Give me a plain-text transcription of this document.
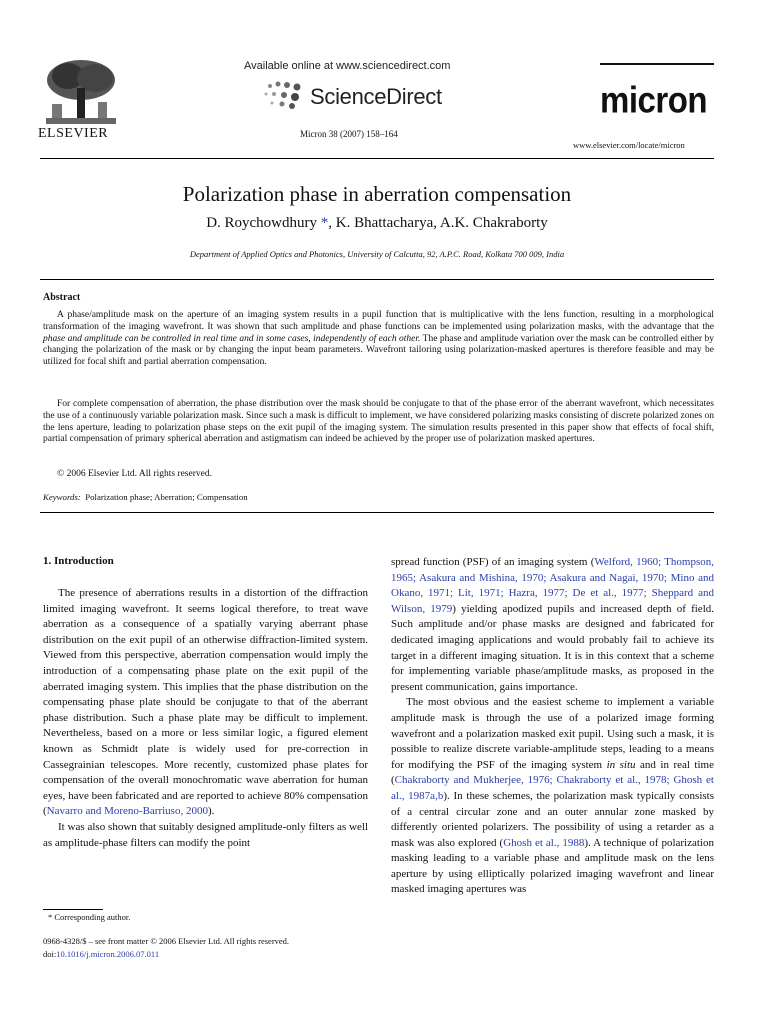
ELSEVIER
Available online at www.sciencedirect.com
ScienceDirect
Micron 38 (2007) 158–164
micron
www.elsevier.com/locate/micron
Polarization phase in aberration compensation
D. Roychowdhury *, K. Bhattacharya, A.K. Chakraborty
Department of Applied Optics and Photonics, University of Calcutta, 92, A.P.C. Road, Kolkata 700 009, India
Abstract

A phase/amplitude mask on the aperture of an imaging system results in a pupil function that is multiplicative with the lens function, resulting in a morphological transformation of the imaging wavefront. It was shown that such amplitude and phase functions can be implemented using polarization masks, with the advantage that the phase and amplitude can be controlled in real time and in some cases, independently of each other. The phase and amplitude variation over the mask can be controlled either by changing the polarization of the mask or by changing the input beam parameters. Wavefront tailoring using polarization-masked apertures is therefore feasible and may be utilized for focal shift and partial aberration compensation.

For complete compensation of aberration, the phase distribution over the mask should be conjugate to that of the phase error of the aberrant wavefront, which necessitates the use of a continuously variable polarization mask. Since such a mask is difficult to implement, we have considered polarizing masks consisting of discrete polarized zones on the lens aperture, leading to polarization phase steps on the exit pupil of the imaging system. The simulation results presented in this paper show that effects of focal shift, partial compensation of primary spherical aberration and astigmatism can indeed be achieved by the proper use of polarization masked apertures.

© 2006 Elsevier Ltd. All rights reserved.
Keywords: Polarization phase; Aberration; Compensation
1. Introduction

The presence of aberrations results in a distortion of the diffraction limited imaging wavefront. It seems logical therefore, to treat wave aberration as a consequence of a spatially varying aberrant phase distribution on the exit pupil of an otherwise diffraction-limited system. Viewed from this perspective, aberration compensation would imply the introduction of a compensating phase plate on the exit pupil of the aberrated imaging system. This implies that the phase distribution on the compensating phase plate should be conjugate to that of the aberrant phase distribution. Such a phase plate may be difficult to implement. Nevertheless, based on a more or less similar logic, a figured element known as Schmidt plate is widely used for pre-correction in Cassegrainian telescopes. More recently, customized phase plates for compensation of the overall monochromatic wave aberration for human eyes, have been fabricated and are reported to achieve 80% compensation (Navarro and Moreno-Barriuso, 2000).

It was also shown that suitably designed amplitude-only filters as well as amplitude-phase filters can modify the point

spread function (PSF) of an imaging system (Welford, 1960; Thompson, 1965; Asakura and Mishina, 1970; Asakura and Nagai, 1970; Mino and Okano, 1971; Lit, 1971; Hazra, 1977; De et al., 1977; Sheppard and Wilson, 1979) yielding apodized pupils and increased depth of field. Such amplitude and/or phase masks are designed and fabricated for dedicated imaging applications and would probably fail to achieve its target in a different imaging situation. It is in this context that a scheme for implementing variable phase/amplitude masks, as proposed in the present communication, gains importance.

The most obvious and the easiest scheme to implement a variable amplitude mask is through the use of a polarized image forming wavefront and a polarization masked exit pupil. Using such a mask, it is possible to realize discrete variable-amplitude steps, leading to a means for modifying the PSF of the imaging system in situ and in real time (Chakraborty and Mukherjee, 1976; Chakraborty et al., 1978; Ghosh et al., 1987a,b). In these schemes, the polarization mask typically consists of a central circular zone and an outer annular zone masked by differently oriented polarizers. The possibility of using a retarder as a mask was also explored (Ghosh et al., 1988). A technique of polarization masking leading to a variable phase and amplitude mask on the lens aperture by using elliptically polarized imaging wavefront and linear masked imaging apertures was

* Corresponding author.
0968-4328/$ – see front matter © 2006 Elsevier Ltd. All rights reserved.
doi:10.1016/j.micron.2006.07.011
